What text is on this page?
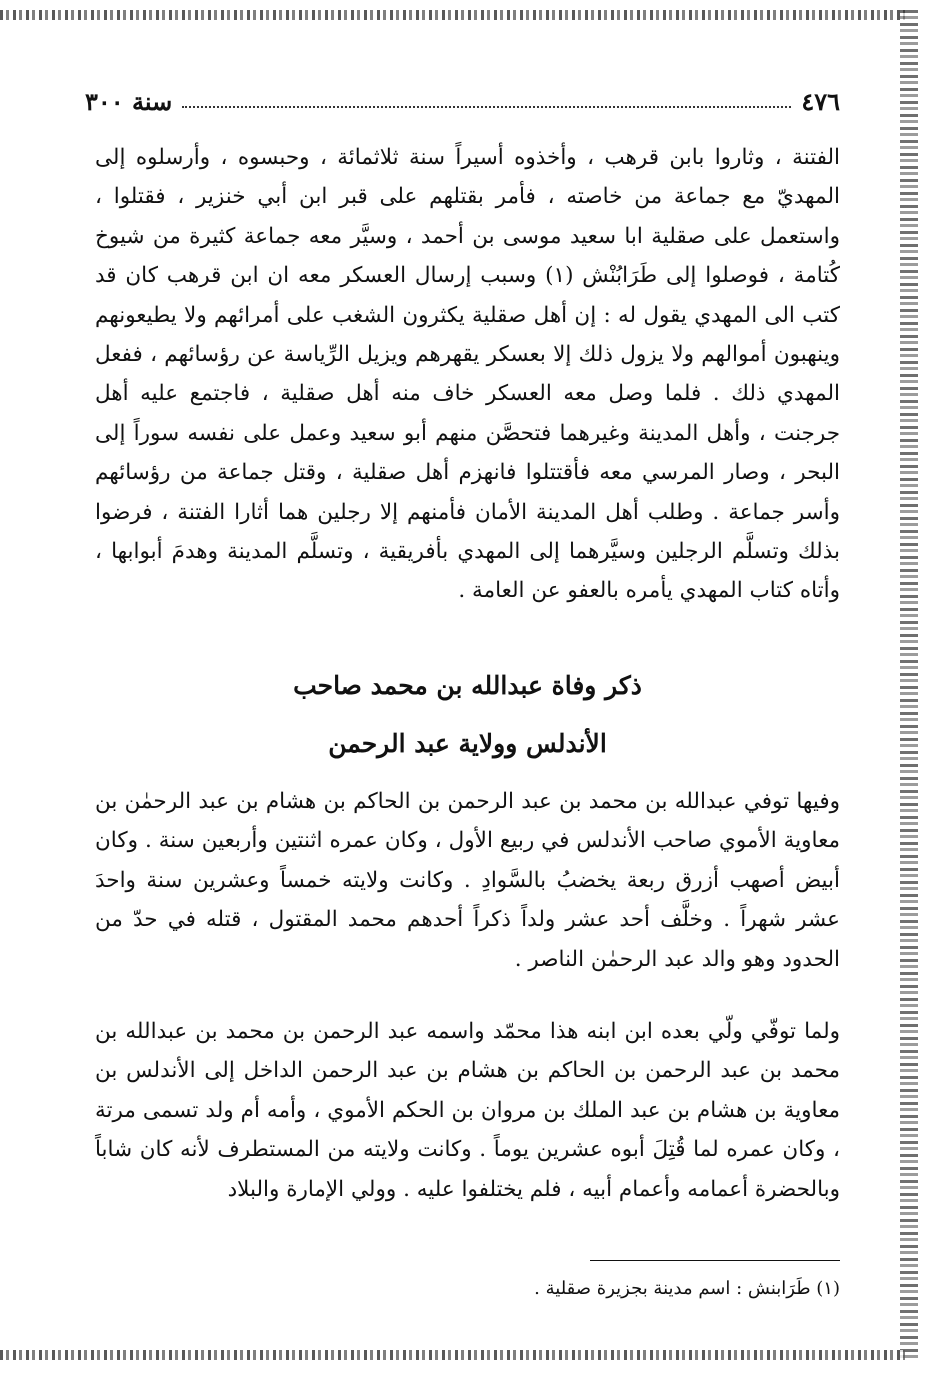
٤٧٦
سنة ٣٠٠

الفتنة ، وثاروا بابن قرهب ، وأخذوه أسيراً سنة ثلاثمائة ، وحبسوه ، وأرسلوه إلى المهديّ مع جماعة من خاصته ، فأمر بقتلهم على قبر ابن أبي خنزير ، فقتلوا ، واستعمل على صقلية ابا سعيد موسى بن أحمد ، وسيَّر معه جماعة كثيرة من شيوخ كُتامة ، فوصلوا إلى طَرَابُنْش (١) وسبب إرسال العسكر معه ان ابن قرهب كان قد كتب الى المهدي يقول له : إن أهل صقلية يكثرون الشغب على أمرائهم ولا يطيعونهم وينهبون أموالهم ولا يزول ذلك إلا بعسكر يقهرهم ويزيل الرِّياسة عن رؤسائهم ، ففعل المهدي ذلك . فلما وصل معه العسكر خاف منه أهل صقلية ، فاجتمع عليه أهل جرجنت ، وأهل المدينة وغيرهما فتحصَّن منهم أبو سعيد وعمل على نفسه سوراً إلى البحر ، وصار المرسي معه فأقتتلوا فانهزم أهل صقلية ، وقتل جماعة من رؤسائهم وأسر جماعة . وطلب أهل المدينة الأمان فأمنهم إلا رجلين هما أثارا الفتنة ، فرضوا بذلك وتسلَّم الرجلين وسيَّرهما إلى المهدي بأفريقية ، وتسلَّم المدينة وهدمَ أبوابها ، وأتاه كتاب المهدي يأمره بالعفو عن العامة .

ذكر وفاة عبدالله بن محمد صاحب
الأندلس وولاية عبد الرحمن

وفيها توفي عبدالله بن محمد بن عبد الرحمن بن الحاكم بن هشام بن عبد الرحمٰن بن معاوية الأموي صاحب الأندلس في ربيع الأول ، وكان عمره اثنتين وأربعين سنة . وكان أبيض أصهب أزرق ربعة يخضبُ بالسَّوادِ . وكانت ولايته خمساً وعشرين سنة واحدَ عشر شهراً . وخلَّف أحد عشر ولداً ذكراً أحدهم محمد المقتول ، قتله في حدّ من الحدود وهو والد عبد الرحمٰن الناصر .

ولما توفّي ولّي بعده ابن ابنه هذا محمّد واسمه عبد الرحمن بن محمد بن عبدالله بن محمد بن عبد الرحمن بن الحاكم بن هشام بن عبد الرحمن الداخل إلى الأندلس بن معاوية بن هشام بن عبد الملك بن مروان بن الحكم الأموي ، وأمه أم ولد تسمى مرتة ، وكان عمره لما قُتِلَ أبوه عشرين يوماً . وكانت ولايته من المستطرف لأنه كان شاباً وبالحضرة أعمامه وأعمام أبيه ، فلم يختلفوا عليه . وولي الإمارة والبلاد

(١) طَرَابنش : اسم مدينة بجزيرة صقلية .
